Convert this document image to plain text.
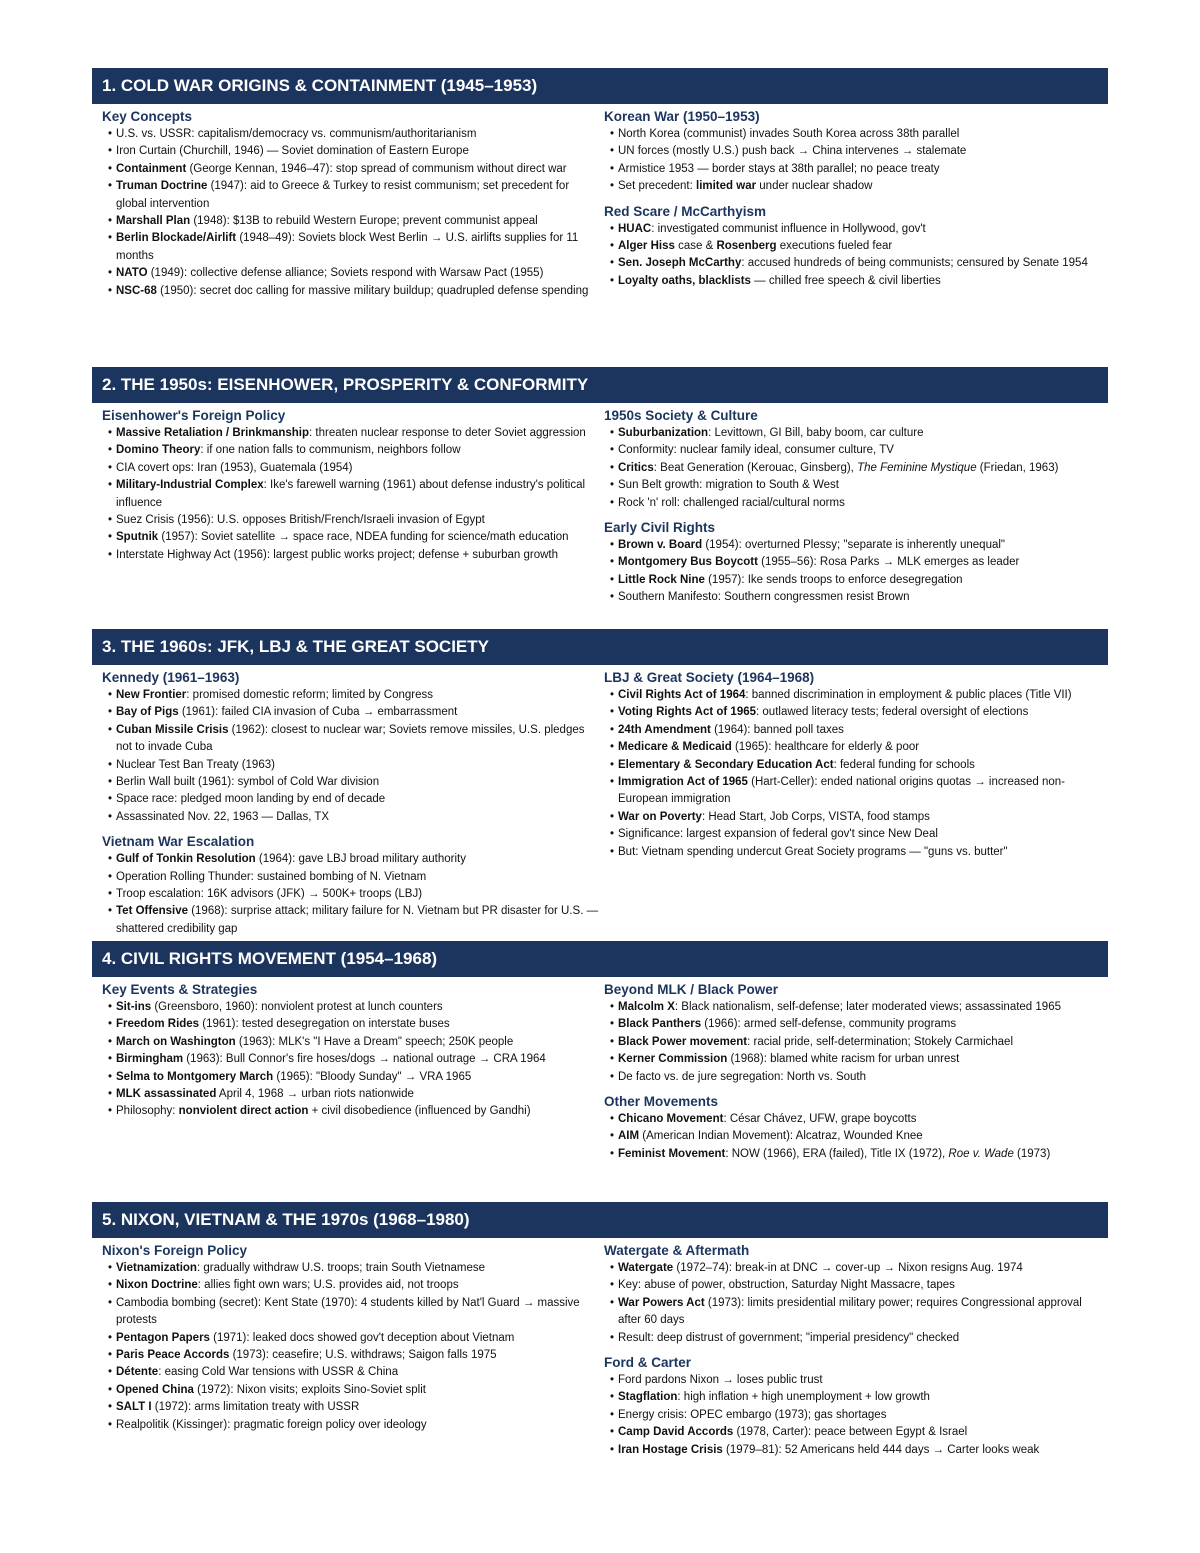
1. COLD WAR ORIGINS & CONTAINMENT (1945–1953)
Key Concepts
• U.S. vs. USSR: capitalism/democracy vs. communism/authoritarianism
• Iron Curtain (Churchill, 1946) — Soviet domination of Eastern Europe
• Containment (George Kennan, 1946–47): stop spread of communism without direct war
• Truman Doctrine (1947): aid to Greece & Turkey to resist communism; set precedent for global intervention
• Marshall Plan (1948): $13B to rebuild Western Europe; prevent communist appeal
• Berlin Blockade/Airlift (1948–49): Soviets block West Berlin → U.S. airlifts supplies for 11 months
• NATO (1949): collective defense alliance; Soviets respond with Warsaw Pact (1955)
• NSC-68 (1950): secret doc calling for massive military buildup; quadrupled defense spending
Korean War (1950–1953)
• North Korea (communist) invades South Korea across 38th parallel
• UN forces (mostly U.S.) push back → China intervenes → stalemate
• Armistice 1953 — border stays at 38th parallel; no peace treaty
• Set precedent: limited war under nuclear shadow
Red Scare / McCarthyism
• HUAC: investigated communist influence in Hollywood, gov't
• Alger Hiss case & Rosenberg executions fueled fear
• Sen. Joseph McCarthy: accused hundreds of being communists; censured by Senate 1954
• Loyalty oaths, blacklists — chilled free speech & civil liberties
2. THE 1950s: EISENHOWER, PROSPERITY & CONFORMITY
Eisenhower's Foreign Policy
• Massive Retaliation / Brinkmanship: threaten nuclear response to deter Soviet aggression
• Domino Theory: if one nation falls to communism, neighbors follow
• CIA covert ops: Iran (1953), Guatemala (1954)
• Military-Industrial Complex: Ike's farewell warning (1961) about defense industry's political influence
• Suez Crisis (1956): U.S. opposes British/French/Israeli invasion of Egypt
• Sputnik (1957): Soviet satellite → space race, NDEA funding for science/math education
• Interstate Highway Act (1956): largest public works project; defense + suburban growth
1950s Society & Culture
• Suburbanization: Levittown, GI Bill, baby boom, car culture
• Conformity: nuclear family ideal, consumer culture, TV
• Critics: Beat Generation (Kerouac, Ginsberg), The Feminine Mystique (Friedan, 1963)
• Sun Belt growth: migration to South & West
• Rock 'n' roll: challenged racial/cultural norms
Early Civil Rights
• Brown v. Board (1954): overturned Plessy; "separate is inherently unequal"
• Montgomery Bus Boycott (1955–56): Rosa Parks → MLK emerges as leader
• Little Rock Nine (1957): Ike sends troops to enforce desegregation
• Southern Manifesto: Southern congressmen resist Brown
3. THE 1960s: JFK, LBJ & THE GREAT SOCIETY
Kennedy (1961–1963)
• New Frontier: promised domestic reform; limited by Congress
• Bay of Pigs (1961): failed CIA invasion of Cuba → embarrassment
• Cuban Missile Crisis (1962): closest to nuclear war; Soviets remove missiles, U.S. pledges not to invade Cuba
• Nuclear Test Ban Treaty (1963)
• Berlin Wall built (1961): symbol of Cold War division
• Space race: pledged moon landing by end of decade
• Assassinated Nov. 22, 1963 — Dallas, TX
Vietnam War Escalation
• Gulf of Tonkin Resolution (1964): gave LBJ broad military authority
• Operation Rolling Thunder: sustained bombing of N. Vietnam
• Troop escalation: 16K advisors (JFK) → 500K+ troops (LBJ)
• Tet Offensive (1968): surprise attack; military failure for N. Vietnam but PR disaster for U.S. — shattered credibility gap
LBJ & Great Society (1964–1968)
• Civil Rights Act of 1964: banned discrimination in employment & public places (Title VII)
• Voting Rights Act of 1965: outlawed literacy tests; federal oversight of elections
• 24th Amendment (1964): banned poll taxes
• Medicare & Medicaid (1965): healthcare for elderly & poor
• Elementary & Secondary Education Act: federal funding for schools
• Immigration Act of 1965 (Hart-Celler): ended national origins quotas → increased non-European immigration
• War on Poverty: Head Start, Job Corps, VISTA, food stamps
• Significance: largest expansion of federal gov't since New Deal
• But: Vietnam spending undercut Great Society programs — "guns vs. butter"
4. CIVIL RIGHTS MOVEMENT (1954–1968)
Key Events & Strategies
• Sit-ins (Greensboro, 1960): nonviolent protest at lunch counters
• Freedom Rides (1961): tested desegregation on interstate buses
• March on Washington (1963): MLK's "I Have a Dream" speech; 250K people
• Birmingham (1963): Bull Connor's fire hoses/dogs → national outrage → CRA 1964
• Selma to Montgomery March (1965): "Bloody Sunday" → VRA 1965
• MLK assassinated April 4, 1968 → urban riots nationwide
• Philosophy: nonviolent direct action + civil disobedience (influenced by Gandhi)
Beyond MLK / Black Power
• Malcolm X: Black nationalism, self-defense; later moderated views; assassinated 1965
• Black Panthers (1966): armed self-defense, community programs
• Black Power movement: racial pride, self-determination; Stokely Carmichael
• Kerner Commission (1968): blamed white racism for urban unrest
• De facto vs. de jure segregation: North vs. South
Other Movements
• Chicano Movement: César Chávez, UFW, grape boycotts
• AIM (American Indian Movement): Alcatraz, Wounded Knee
• Feminist Movement: NOW (1966), ERA (failed), Title IX (1972), Roe v. Wade (1973)
5. NIXON, VIETNAM & THE 1970s (1968–1980)
Nixon's Foreign Policy
• Vietnamization: gradually withdraw U.S. troops; train South Vietnamese
• Nixon Doctrine: allies fight own wars; U.S. provides aid, not troops
• Cambodia bombing (secret): Kent State (1970): 4 students killed by Nat'l Guard → massive protests
• Pentagon Papers (1971): leaked docs showed gov't deception about Vietnam
• Paris Peace Accords (1973): ceasefire; U.S. withdraws; Saigon falls 1975
• Détente: easing Cold War tensions with USSR & China
• Opened China (1972): Nixon visits; exploits Sino-Soviet split
• SALT I (1972): arms limitation treaty with USSR
• Realpolitik (Kissinger): pragmatic foreign policy over ideology
Watergate & Aftermath
• Watergate (1972–74): break-in at DNC → cover-up → Nixon resigns Aug. 1974
• Key: abuse of power, obstruction, Saturday Night Massacre, tapes
• War Powers Act (1973): limits presidential military power; requires Congressional approval after 60 days
• Result: deep distrust of government; "imperial presidency" checked
Ford & Carter
• Ford pardons Nixon → loses public trust
• Stagflation: high inflation + high unemployment + low growth
• Energy crisis: OPEC embargo (1973); gas shortages
• Camp David Accords (1978, Carter): peace between Egypt & Israel
• Iran Hostage Crisis (1979–81): 52 Americans held 444 days → Carter looks weak
